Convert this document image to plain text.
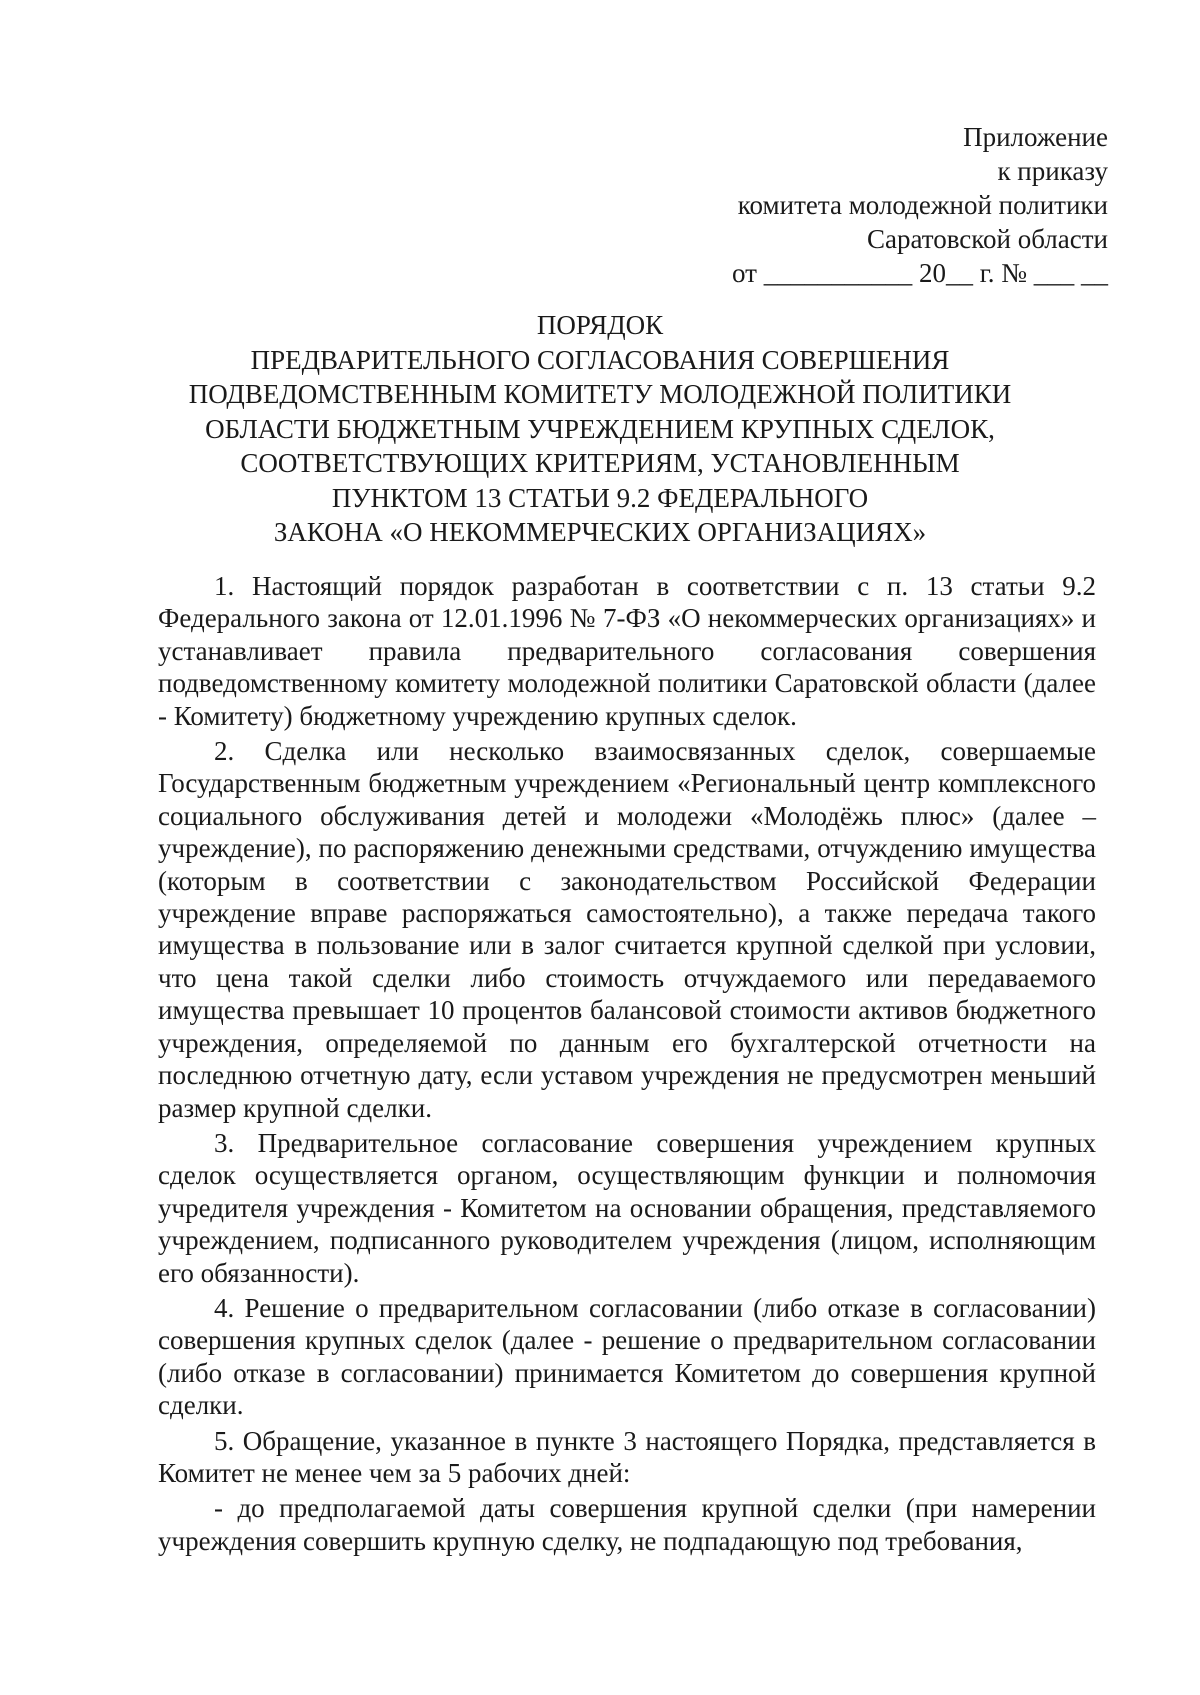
Приложение
к приказу
комитета молодежной политики
Саратовской области
от ___________ 20__ г. № ___ __
ПОРЯДОК
ПРЕДВАРИТЕЛЬНОГО СОГЛАСОВАНИЯ СОВЕРШЕНИЯ
ПОДВЕДОМСТВЕННЫМ КОМИТЕТУ МОЛОДЕЖНОЙ ПОЛИТИКИ
ОБЛАСТИ БЮДЖЕТНЫМ УЧРЕЖДЕНИЕМ КРУПНЫХ СДЕЛОК,
СООТВЕТСТВУЮЩИХ КРИТЕРИЯМ, УСТАНОВЛЕННЫМ
ПУНКТОМ 13 СТАТЬИ 9.2 ФЕДЕРАЛЬНОГО
ЗАКОНА «О НЕКОММЕРЧЕСКИХ ОРГАНИЗАЦИЯХ»

1. Настоящий порядок разработан в соответствии с п. 13 статьи 9.2 Федерального закона от 12.01.1996 № 7-ФЗ «О некоммерческих организациях» и устанавливает правила предварительного согласования совершения подведомственному комитету молодежной политики Саратовской области (далее - Комитету) бюджетному учреждению крупных сделок.

2. Сделка или несколько взаимосвязанных сделок, совершаемые Государственным бюджетным учреждением «Региональный центр комплексного социального обслуживания детей и молодежи «Молодёжь плюс» (далее – учреждение), по распоряжению денежными средствами, отчуждению имущества (которым в соответствии с законодательством Российской Федерации учреждение вправе распоряжаться самостоятельно), а также передача такого имущества в пользование или в залог считается крупной сделкой при условии, что цена такой сделки либо стоимость отчуждаемого или передаваемого имущества превышает 10 процентов балансовой стоимости активов бюджетного учреждения, определяемой по данным его бухгалтерской отчетности на последнюю отчетную дату, если уставом учреждения не предусмотрен меньший размер крупной сделки.

3. Предварительное согласование совершения учреждением крупных сделок осуществляется органом, осуществляющим функции и полномочия учредителя учреждения - Комитетом на основании обращения, представляемого учреждением, подписанного руководителем учреждения (лицом, исполняющим его обязанности).

4. Решение о предварительном согласовании (либо отказе в согласовании) совершения крупных сделок (далее - решение о предварительном согласовании (либо отказе в согласовании) принимается Комитетом до совершения крупной сделки.

5. Обращение, указанное в пункте 3 настоящего Порядка, представляется в Комитет не менее чем за 5 рабочих дней:

- до предполагаемой даты совершения крупной сделки (при намерении учреждения совершить крупную сделку, не подпадающую под требования,
